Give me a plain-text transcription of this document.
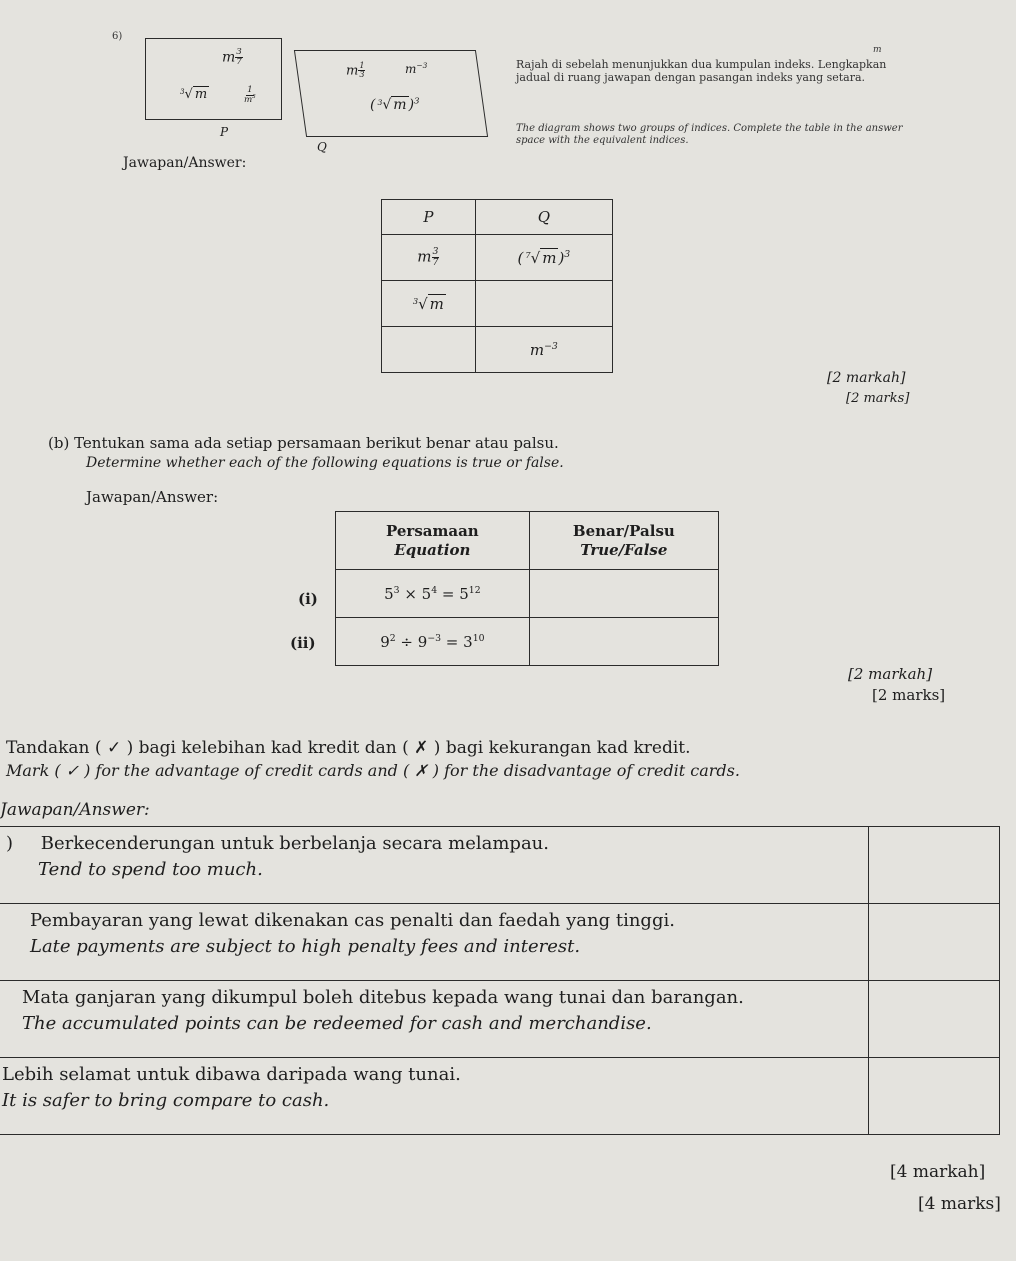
6)
m $\frac{3}{7}$
$^3$√ m	$\frac{1}{m^3}$
m $\frac{1}{3}$	$m^{-3}$
( $^3$√ m )$^3$
P
Q
m
Rajah di sebelah menunjukkan dua kumpulan indeks. Lengkapkan jadual di ruang jawapan dengan pasangan indeks yang setara.
The diagram shows two groups of indices. Complete the table in the answer space with the equivalent indices.
Jawapan/Answer:
P	Q
m $\frac{3}{7}$	( $^7$√ m )$^3$
$^3$√ m	
	$m^{-3}$
[2 markah]
[2 marks]
(b) Tentukan sama ada setiap persamaan berikut benar atau palsu.
Determine whether each of the following equations is true or false.
Jawapan/Answer:
(i)
(ii)
Persamaan
Equation	Benar/Palsu
True/False
$5^3 \times 5^4 = 5^{12}$	
$9^2 \div 9^{-3} = 3^{10}$	
[2 markah]
[2 marks]
Tandakan ( ✓ ) bagi kelebihan kad kredit dan ( ✗ ) bagi kekurangan kad kredit.
Mark ( ✓ ) for the advantage of credit cards and ( ✗ ) for the disadvantage of credit cards.
Jawapan/Answer:
) Berkecenderungan untuk berbelanja secara melampau.
Tend to spend too much.	
Pembayaran yang lewat dikenakan cas penalti dan faedah yang tinggi.
Late payments are subject to high penalty fees and interest.	
Mata ganjaran yang dikumpul boleh ditebus kepada wang tunai dan barangan.
The accumulated points can be redeemed for cash and merchandise.	
Lebih selamat untuk dibawa daripada wang tunai.
It is safer to bring compare to cash.	
[4 markah]
[4 marks]
